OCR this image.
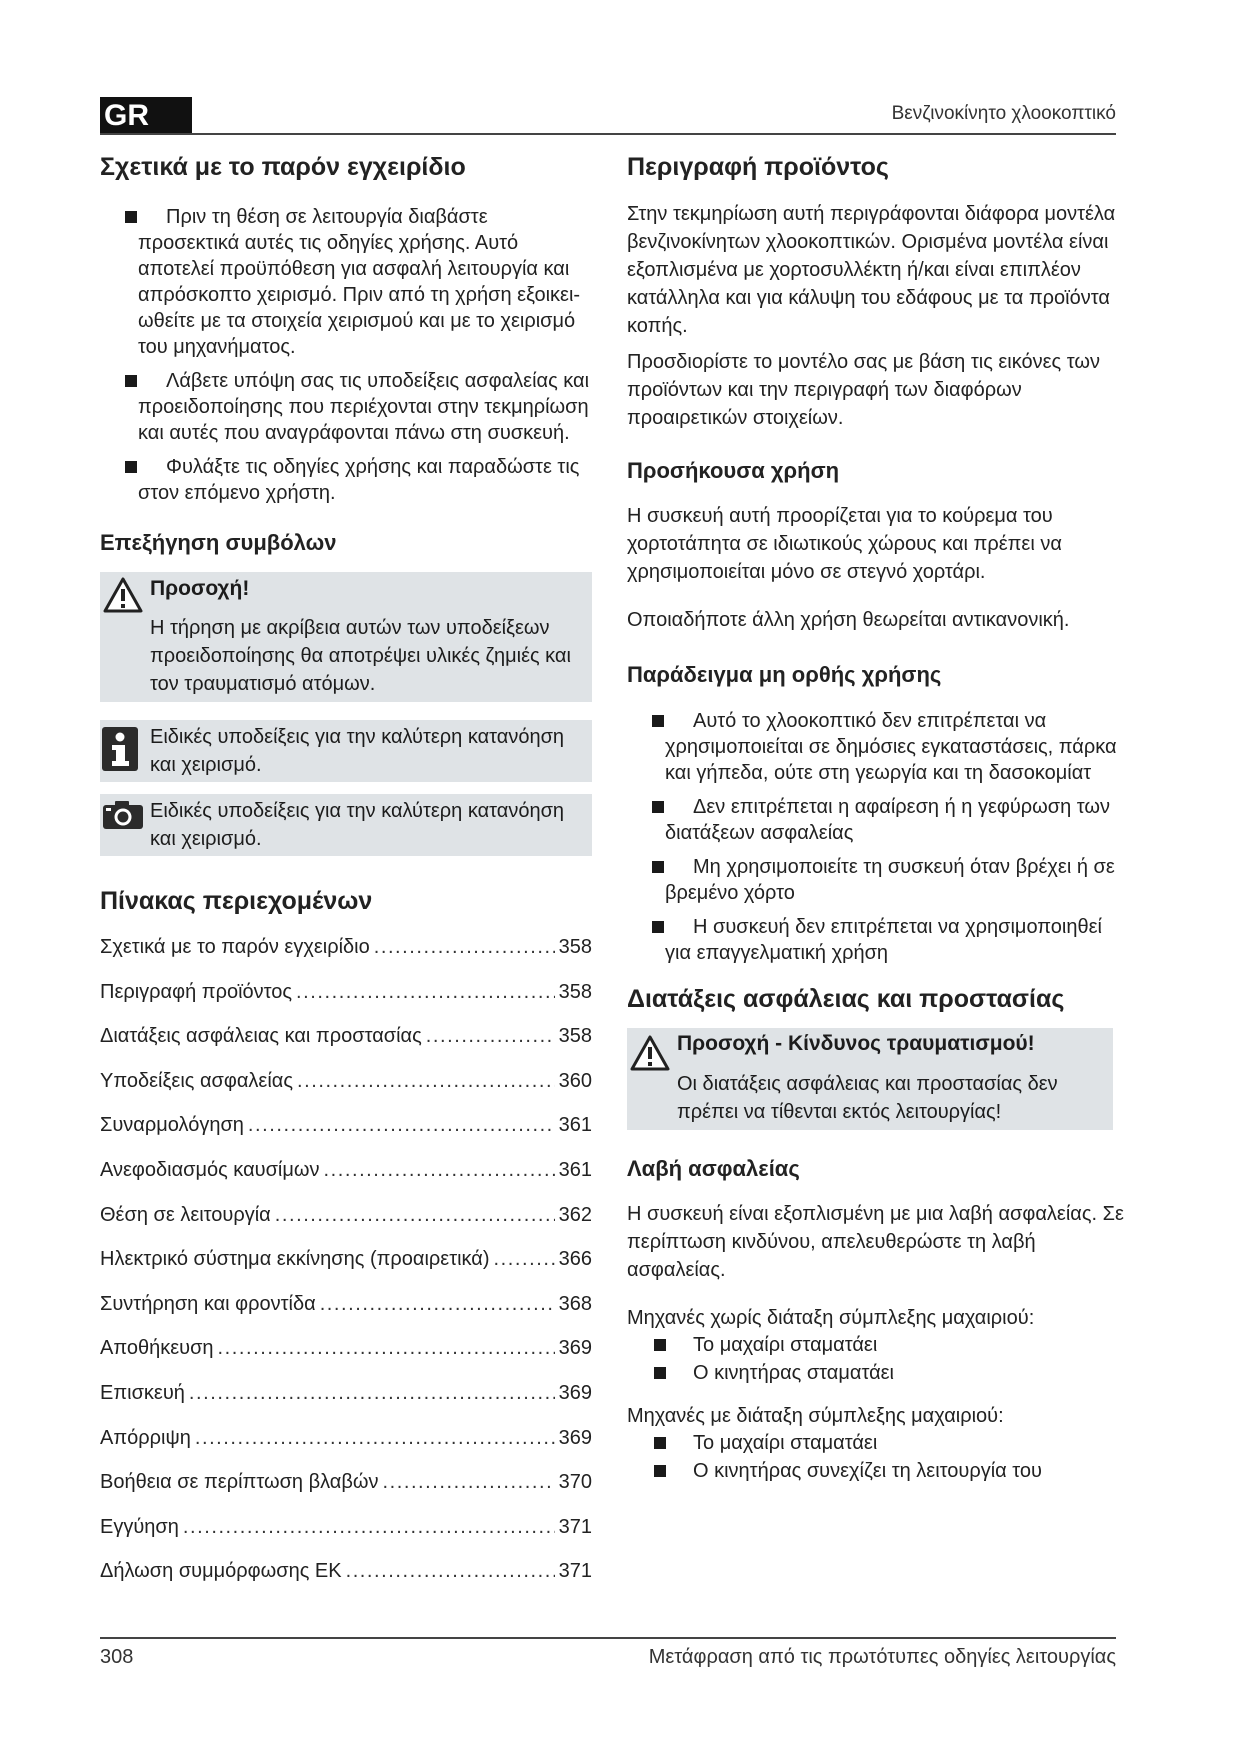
GR	Βενζινοκίνητο χλοοκοπτικό
Σχετικά με το παρόν εγχειρίδιο
Πριν τη θέση σε λειτουργία διαβάστε προσεκτικά αυτές τις οδηγίες χρήσης. Αυτό αποτελεί προϋπόθεση για ασφαλή λειτουργία και απρόσκοπτο χειρισμό. Πριν από τη χρήση εξοικει-ωθείτε με τα στοιχεία χειρισμού και με το χειρισμό του μηχανήματος.
Λάβετε υπόψη σας τις υποδείξεις ασφαλείας και προειδοποίησης που περιέχονται στην τεκμηρίωση και αυτές που αναγράφονται πάνω στη συσκευή.
Φυλάξτε τις οδηγίες χρήσης και παραδώστε τις στον επόμενο χρήστη.
Επεξήγηση συμβόλων
Προσοχή!
Η τήρηση με ακρίβεια αυτών των υποδείξεων προειδοποίησης θα αποτρέψει υλικές ζημιές και τον τραυματισμό ατόμων.
Ειδικές υποδείξεις για την καλύτερη κατανόηση και χειρισμό.
Ειδικές υποδείξεις για την καλύτερη κατανόηση και χειρισμό.
Πίνακας περιεχομένων
Σχετικά με το παρόν εγχειρίδιο . . .	358
Περιγραφή προϊόντος . . .	358
Διατάξεις ασφάλειας και προστασίας . . .	358
Υποδείξεις ασφαλείας . . .	360
Συναρμολόγηση . . .	361
Ανεφοδιασμός καυσίμων . . .	361
Θέση σε λειτουργία . . .	362
Ηλεκτρικό σύστημα εκκίνησης (προαιρετικά) . . .	366
Συντήρηση και φροντίδα . . .	368
Αποθήκευση . . .	369
Επισκευή . . .	369
Απόρριψη . . .	369
Βοήθεια σε περίπτωση βλαβών . . .	370
Εγγύηση . . .	371
Δήλωση συμμόρφωσης ΕΚ . . .	371
Περιγραφή προϊόντος

Στην τεκμηρίωση αυτή περιγράφονται διάφορα μοντέλα βενζινοκίνητων χλοοκοπτικών. Ορισμένα μοντέλα είναι εξοπλισμένα με χορτοσυλλέκτη ή/και είναι επιπλέον κατάλληλα και για κάλυψη του εδάφους με τα προϊόντα κοπής.

Προσδιορίστε το μοντέλο σας με βάση τις εικόνες των προϊόντων και την περιγραφή των διαφόρων προαιρετικών στοιχείων.

Προσήκουσα χρήση

Η συσκευή αυτή προορίζεται για το κούρεμα του χορτοτάπητα σε ιδιωτικούς χώρους και πρέπει να χρησιμοποιείται μόνο σε στεγνό χορτάρι.

Οποιαδήποτε άλλη χρήση θεωρείται αντικανονική.

Παράδειγμα μη ορθής χρήσης
Αυτό το χλοοκοπτικό δεν επιτρέπεται να χρησιμοποιείται σε δημόσιες εγκαταστάσεις, πάρκα και γήπεδα, ούτε στη γεωργία και τη δασοκομίατ
Δεν επιτρέπεται η αφαίρεση ή η γεφύρωση των διατάξεων ασφαλείας
Μη χρησιμοποιείτε τη συσκευή όταν βρέχει ή σε βρεμένο χόρτο
Η συσκευή δεν επιτρέπεται να χρησιμοποιηθεί για επαγγελματική χρήση
Διατάξεις ασφάλειας και προστασίας
Προσοχή - Κίνδυνος τραυματισμού!
Οι διατάξεις ασφάλειας και προστασίας δεν πρέπει να τίθενται εκτός λειτουργίας!
Λαβή ασφαλείας

Η συσκευή είναι εξοπλισμένη με μια λαβή ασφαλείας. Σε περίπτωση κινδύνου, απελευθερώστε τη λαβή ασφαλείας.

Μηχανές χωρίς διάταξη σύμπλεξης μαχαιριού:

Το μαχαίρι σταματάει
Ο κινητήρας σταματάει

Μηχανές με διάταξη σύμπλεξης μαχαιριού:

Το μαχαίρι σταματάει
Ο κινητήρας συνεχίζει τη λειτουργία του
308	Μετάφραση από τις πρωτότυπες οδηγίες λειτουργίας
